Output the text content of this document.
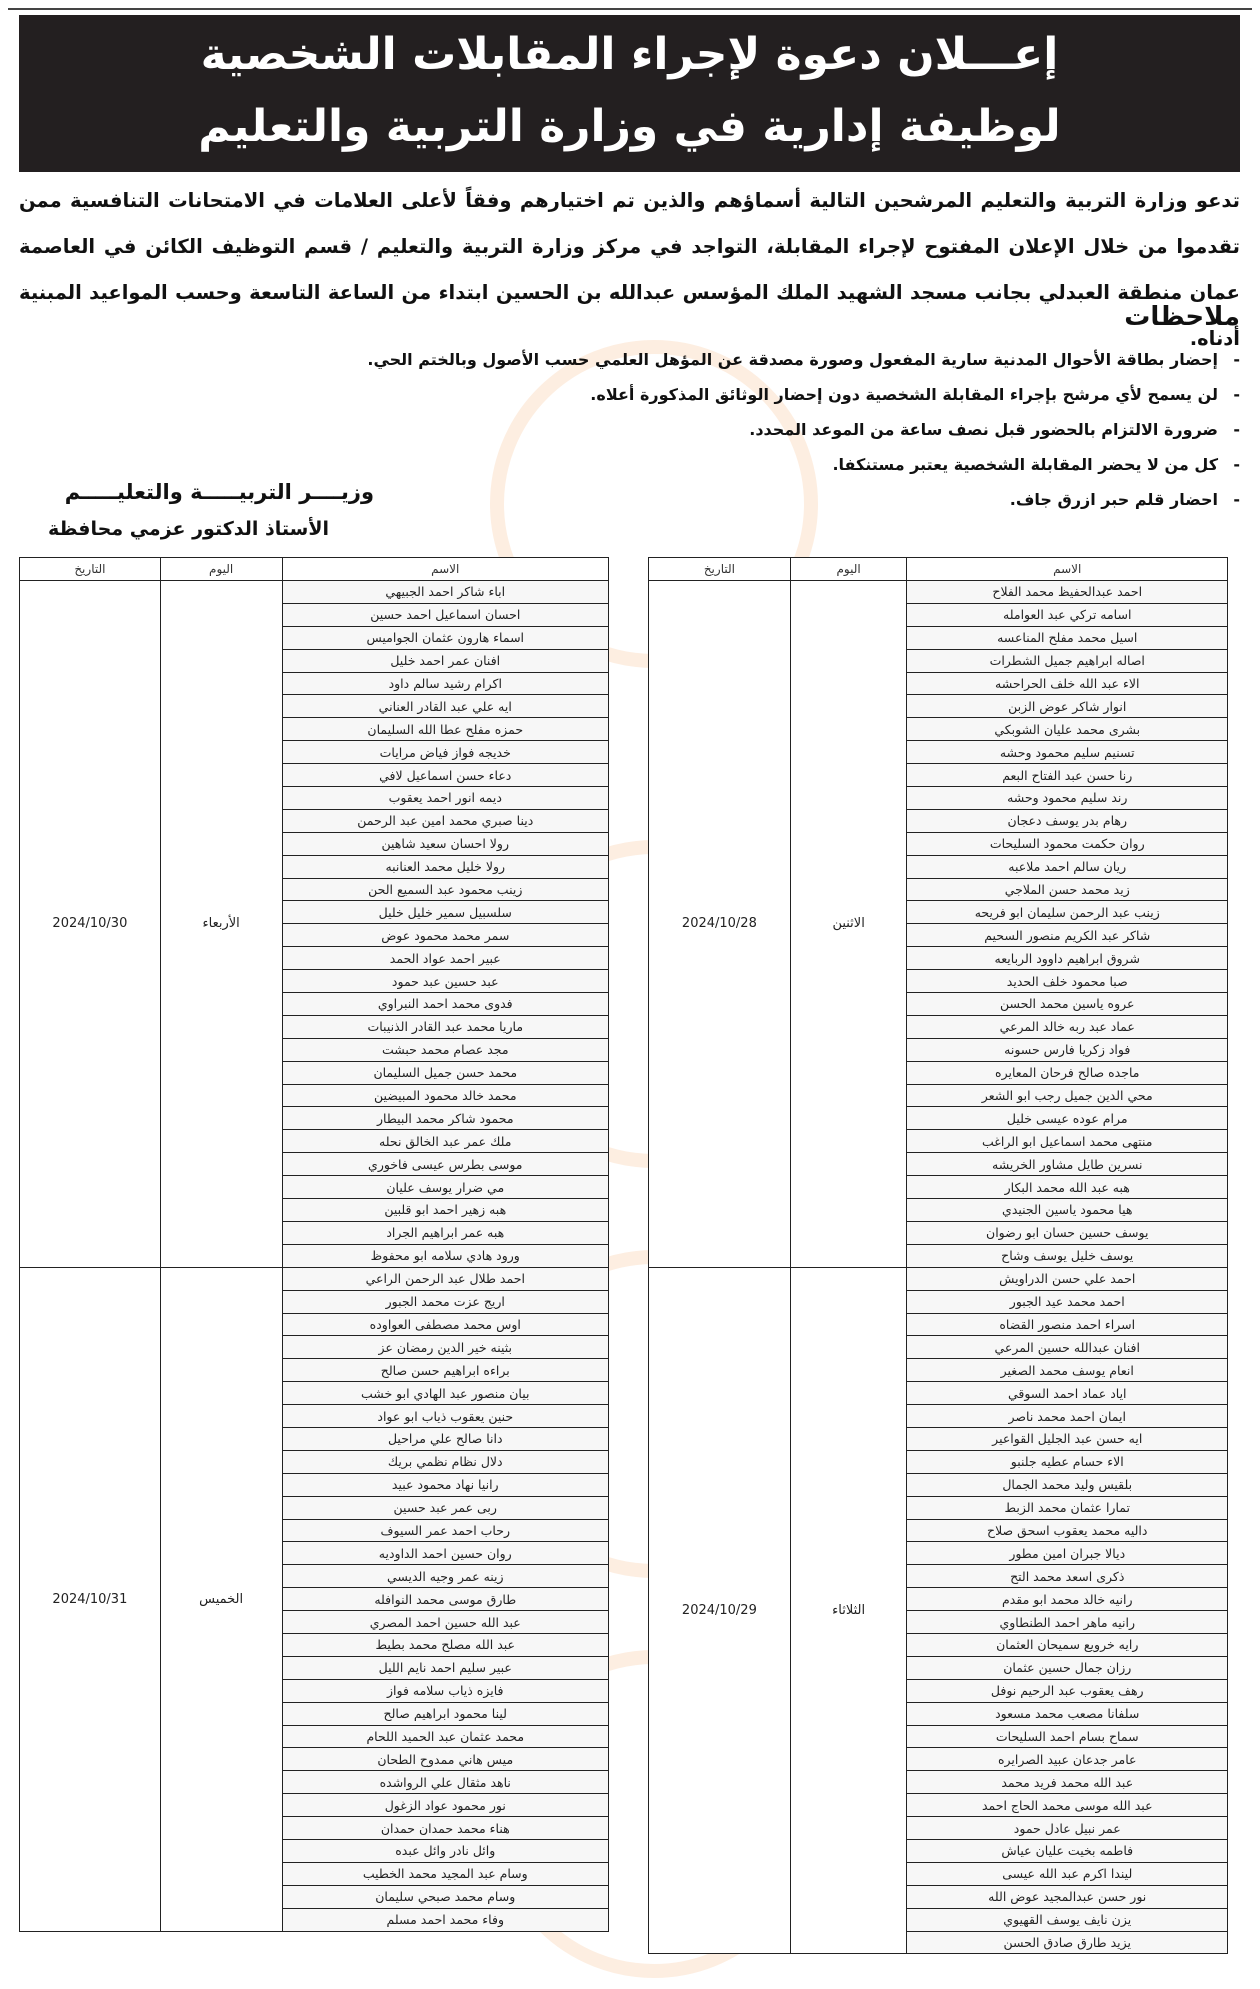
إعـــلان دعوة لإجراء المقابلات الشخصية
لوظيفة إدارية في وزارة التربية والتعليم
تدعو وزارة التربية والتعليم المرشحين التالية أسماؤهم والذين تم اختيارهم وفقاً لأعلى العلامات في الامتحانات التنافسية ممن تقدموا من خلال الإعلان المفتوح لإجراء المقابلة، التواجد في مركز وزارة التربية والتعليم / قسم التوظيف الكائن في العاصمة عمان منطقة العبدلي بجانب مسجد الشهيد الملك المؤسس عبدالله بن الحسين ابتداء من الساعة التاسعة وحسب المواعيد المبنية أدناه.
ملاحظات
-إحضار بطاقة الأحوال المدنية سارية المفعول وصورة مصدقة عن المؤهل العلمي حسب الأصول وبالختم الحي.
-لن يسمح لأي مرشح بإجراء المقابلة الشخصية دون إحضار الوثائق المذكورة أعلاه.
-ضرورة الالتزام بالحضور قبل نصف ساعة من الموعد المحدد.
-كل من لا يحضر المقابلة الشخصية يعتبر مستنكفا.
-احضار قلم حبر ازرق جاف.
وزيــــر التربيـــــة والتعليـــــم
الأستاذ الدكتور عزمي محافظة
الاسم	اليوم	التاريخ
اباء شاكر احمد الجبيهي	الأربعاء	2024/10/30
احسان اسماعيل احمد حسين		
اسماء هارون عثمان الجواميس		
افنان عمر احمد خليل		
اكرام رشيد سالم داود		
ايه علي عبد القادر العناني		
حمزه مفلح عطا الله السليمان		
خديجه فواز فياض مرايات		
دعاء حسن اسماعيل لافي		
ديمه انور احمد يعقوب		
دينا صبري محمد امين عبد الرحمن		
رولا احسان سعيد شاهين		
رولا خليل محمد العنانبه		
زينب محمود عبد السميع الحن		
سلسبيل سمير خليل خليل		
سمر محمد محمود عوض		
عبير احمد عواد الحمد		
عبد حسين عبد حمود		
فدوى محمد احمد النبراوي		
ماريا محمد عبد القادر الذنيبات		
مجد عصام محمد حبشت		
محمد حسن جميل السليمان		
محمد خالد محمود المبيضين		
محمود شاكر محمد البيطار		
ملك عمر عبد الخالق نحله		
موسى بطرس عيسى فاخوري		
مي ضرار يوسف عليان		
هبه زهير احمد ابو قلبين		
هبه عمر ابراهيم الجراد		
ورود هادي سلامه ابو محفوظ		
احمد طلال عبد الرحمن الراعي	الخميس	2024/10/31
اريج عزت محمد الجبور		
اوس محمد مصطفى العواوده		
بثينه خير الدين رمضان عز		
براءه ابراهيم حسن صالح		
بيان منصور عبد الهادي ابو خشب		
حنين يعقوب ذياب ابو عواد		
دانا صالح علي مراحيل		
دلال نظام نظمي بريك		
رانيا نهاد محمود عبيد		
ربى عمر عبد حسين		
رحاب احمد عمر السيوف		
روان حسين احمد الداوديه		
زينه عمر وجيه الديسي		
طارق موسى محمد النوافله		
عبد الله حسين احمد المصري		
عبد الله مصلح محمد بطيط		
عبير سليم احمد نايم الليل		
فايزه ذياب سلامه فواز		
لينا محمود ابراهيم صالح		
محمد عثمان عبد الحميد اللحام		
ميس هاني ممدوح الطحان		
ناهد مثقال علي الرواشده		
نور محمود عواد الزغول		
هناء محمد حمدان حمدان		
وائل نادر وائل عبده		
وسام عبد المجيد محمد الخطيب		
وسام محمد صبحي سليمان		
وفاء محمد احمد مسلم		
الاسم	اليوم	التاريخ
احمد عبدالحفيظ محمد الفلاح	الاثنين	2024/10/28
اسامه تركي عبد العوامله		
اسيل محمد مفلح المناعسه		
اصاله ابراهيم جميل الشطرات		
الاء عبد الله خلف الحراحشه		
انوار شاكر عوض الزبن		
بشرى محمد عليان الشوبكي		
تسنيم سليم محمود وحشه		
رنا حسن عبد الفتاح البعم		
رند سليم محمود وحشه		
رهام بدر يوسف دعجان		
روان حكمت محمود السليحات		
ريان سالم احمد ملاعبه		
زيد محمد حسن الملاجي		
زينب عبد الرحمن سليمان ابو فريحه		
شاكر عبد الكريم منصور السحيم		
شروق ابراهيم داوود الربايعه		
صبا محمود خلف الحديد		
عروه ياسين محمد الحسن		
عماد عبد ربه خالد المرعي		
فواد زكريا فارس حسونه		
ماجده صالح فرحان المعايره		
محي الدين جميل رجب ابو الشعر		
مرام عوده عيسى خليل		
منتهى محمد اسماعيل ابو الراغب		
نسرين طايل مشاور الخريشه		
هبه عبد الله محمد البكار		
هيا محمود ياسين الجنيدي		
يوسف حسين حسان ابو رضوان		
يوسف خليل يوسف وشاح		
احمد علي حسن الدراويش	الثلاثاء	2024/10/29
احمد محمد عيد الجبور		
اسراء احمد منصور القضاه		
افنان عبدالله حسين المرعي		
انعام يوسف محمد الصغير		
اياد عماد احمد السوقي		
ايمان احمد محمد ناصر		
ايه حسن عبد الجليل القواعير		
الاء حسام عطيه جلنبو		
بلقيس وليد محمد الجمال		
تمارا عثمان محمد الزبط		
داليه محمد يعقوب اسحق صلاح		
ديالا جبران امين مطور		
ذكرى اسعد محمد التح		
رانيه خالد محمد ابو مقدم		
رانيه ماهر احمد الطنطاوي		
رايه خرويع سميحان العثمان		
رزان جمال حسين عثمان		
رهف يعقوب عبد الرحيم نوفل		
سلفانا مصعب محمد مسعود		
سماح بسام احمد السليحات		
عامر جدعان عبيد الصرايره		
عبد الله محمد فريد محمد		
عبد الله موسى محمد الحاج احمد		
عمر نبيل عادل حمود		
فاطمه بخيت عليان عياش		
ليندا اكرم عبد الله عيسى		
نور حسن عبدالمجيد عوض الله		
يزن نايف يوسف القهيوي		
يزيد طارق صادق الحسن		
